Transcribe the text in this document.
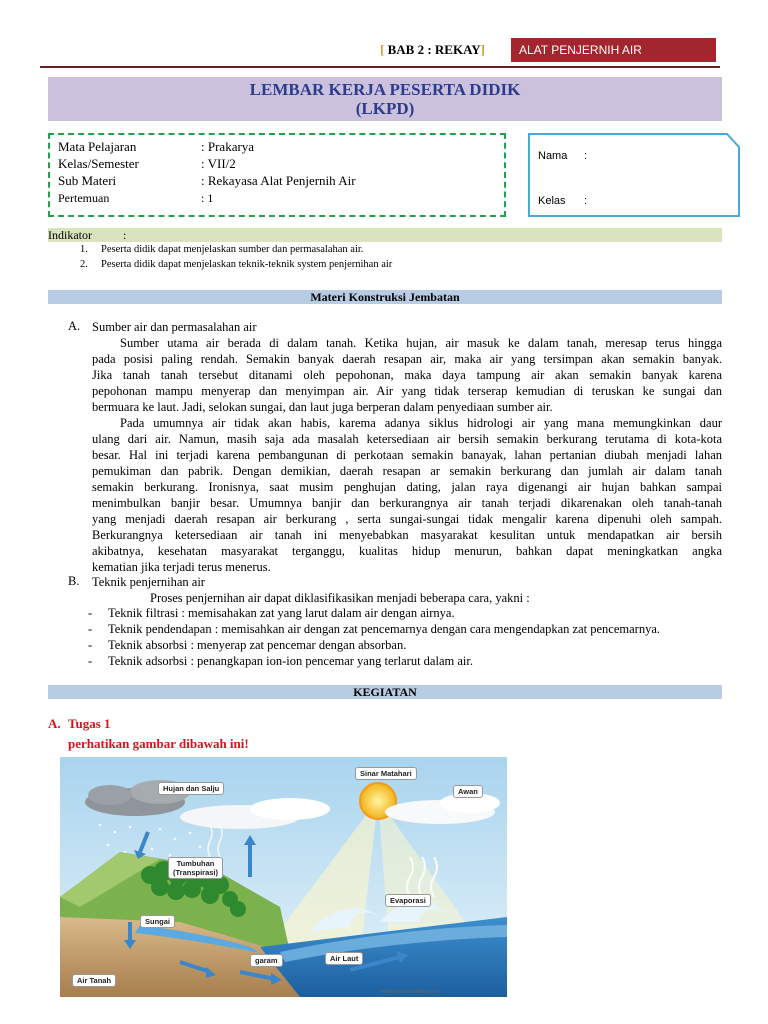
[ BAB 2 : REKAY]	ALAT PENJERNIH AIR
LEMBAR KERJA PESERTA DIDIK
(LKPD)
Mata Pelajaran	: Prakarya
Kelas/Semester	: VII/2
Sub Materi	: Rekayasa Alat Penjernih Air
Pertemuan	: 1
Nama :
Kelas :
Indikator	:
1. Peserta didik dapat menjelaskan sumber dan permasalahan air.
2. Peserta didik dapat menjelaskan teknik-teknik system penjernihan air
Materi Konstruksi Jembatan
A. Sumber air dan permasalahan air
Sumber utama air berada di dalam tanah. Ketika hujan, air masuk ke dalam tanah, meresap terus hingga
pada posisi paling rendah. Semakin banyak daerah resapan air, maka air yang tersimpan akan semakin banyak.
Jika tanah tanah tersebut ditanami oleh pepohonan, maka daya tampung air akan semakin banyak karena
pepohonan mampu menyerap dan menyimpan air. Air yang tidak terserap kemudian di teruskan ke sungai dan
bermuara ke laut. Jadi, selokan sungai, dan laut juga berperan dalam penyediaan sumber air.
Pada umumnya air tidak akan habis, karema adanya siklus hidrologi air yang mana memungkinkan daur
ulang dari air. Namun, masih saja ada masalah ketersediaan air bersih semakin berkurang terutama di kota-kota
besar. Hal ini terjadi karena pembangunan di perkotaan semakin banayak, lahan pertanian diubah menjadi lahan
pemukiman dan pabrik. Dengan demikian, daerah resapan ar semakin berkurang dan jumlah air dalam tanah
semakin berkurang. Ironisnya, saat musim penghujan dating, jalan raya digenangi air hujan bahkan sampai
menimbulkan banjir besar. Umumnya banjir dan berkurangnya air tanah terjadi dikarenakan oleh tanah-tanah
yang menjadi daerah resapan air berkurang , serta sungai-sungai tidak mengalir karena dipenuhi oleh sampah.
Berkurangnya ketersediaan air tanah ini menyebabkan masyarakat kesulitan untuk mendapatkan air bersih
akibatnya, kesehatan masyarakat terganggu, kualitas hidup menurun, bahkan dapat meningkatkan angka
kematian jika terjadi terus menerus.
B. Teknik penjernihan air
Proses penjernihan air dapat diklasifikasikan menjadi beberapa cara, yakni :
- Teknik filtrasi : memisahakan zat yang larut dalam air dengan airnya.
- Teknik pendendapan : memisahkan air dengan zat pencemarnya dengan cara mengendapkan zat pencemarnya.
- Teknik absorbsi : menyerap zat pencemar dengan absorban.
- Teknik adsorbsi : penangkapan ion-ion pencemar yang terlarut dalam air.
KEGIATAN
A. Tugas 1
perhatikan gambar dibawah ini!
Hujan dan Salju
Sinar Matahari
Awan
Tumbuhan
(Transpirasi)
Evaporasi
Sungai
garam	Air Laut
Air Tanah
edited by riasardiblog.com
